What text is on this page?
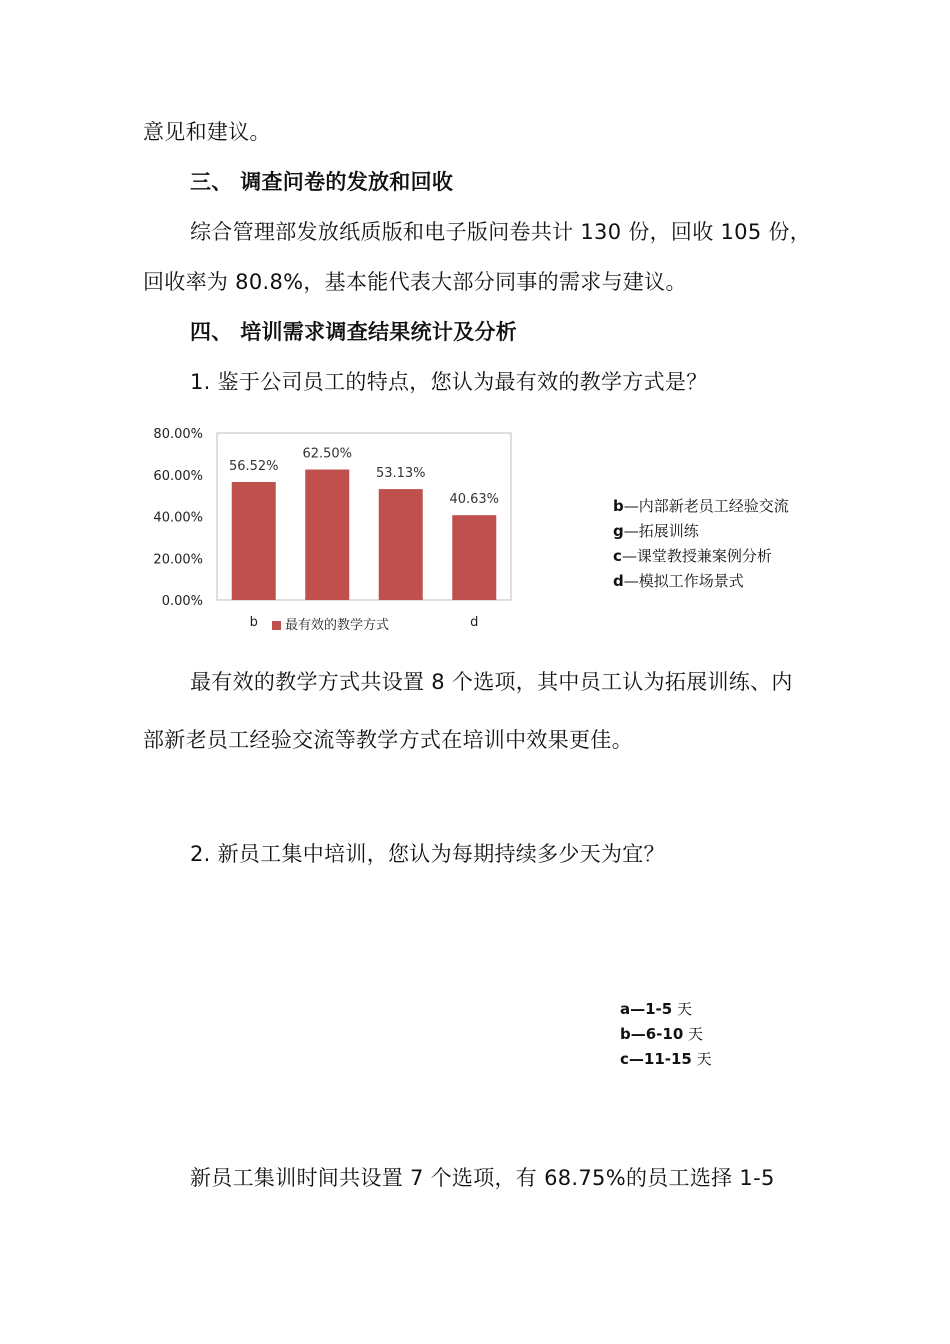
意见和建议。
三、 调查问卷的发放和回收
综合管理部发放纸质版和电子版问卷共计 130 份，回收 105 份，
回收率为 80.8%，基本能代表大部分同事的需求与建议。
四、 培训需求调查结果统计及分析
1. 鉴于公司员工的特点，您认为最有效的教学方式是？
0.00%
20.00%
40.00%
60.00%
80.00%
56.52%
b
62.50%
53.13%
40.63%
d
最有效的教学方式
b—内部新老员工经验交流
g—拓展训练
c—课堂教授兼案例分析
d—模拟工作场景式
最有效的教学方式共设置 8 个选项，其中员工认为拓展训练、内
部新老员工经验交流等教学方式在培训中效果更佳。
2. 新员工集中培训，您认为每期持续多少天为宜？
a—1-5 天
b—6-10 天
c—11-15 天
新员工集训时间共设置 7 个选项，有 68.75%的员工选择 1-5
